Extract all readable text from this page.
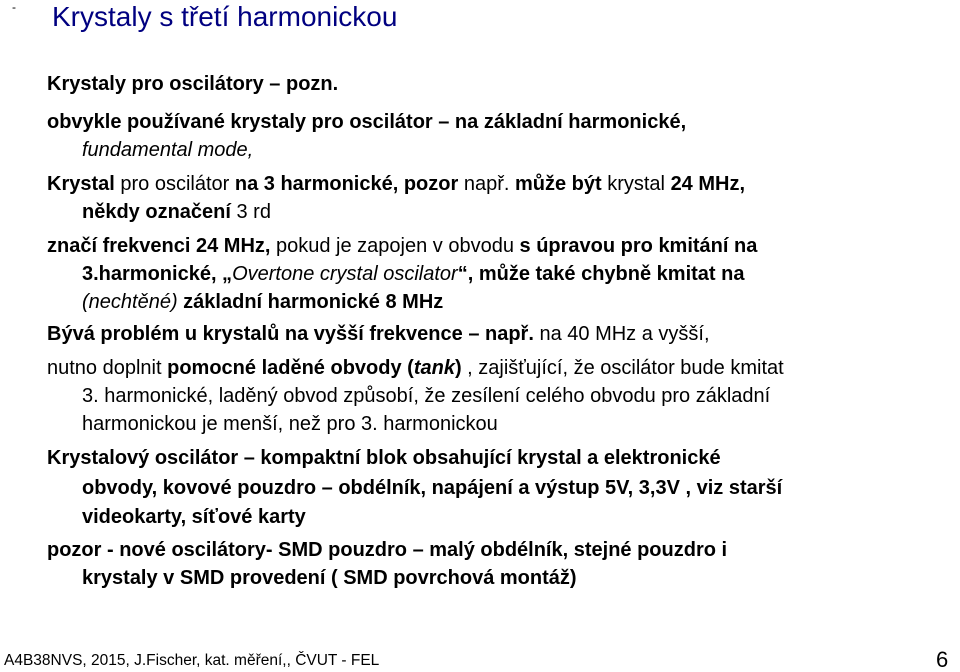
- Krystaly s třetí harmonickou
Krystaly pro oscilátory – pozn.
obvykle používané krystaly pro oscilátor – na základní harmonické,
fundamental mode,
Krystal pro oscilátor na 3 harmonické, pozor např. může být krystal 24 MHz,
někdy označení 3 rd
značí frekvenci 24 MHz, pokud je zapojen v obvodu s úpravou pro kmitání na
3.harmonické, „Overtone crystal oscilator“, může také chybně kmitat na
(nechtěné) základní harmonické 8 MHz
Bývá problém u krystalů na vyšší frekvence – např. na 40 MHz a vyšší,
nutno doplnit pomocné laděné obvody (tank) , zajišťující, že oscilátor bude kmitat
3. harmonické, laděný obvod způsobí, že zesílení celého obvodu pro základní
harmonickou je menší, než pro 3. harmonickou
Krystalový oscilátor – kompaktní blok obsahující krystal a elektronické
obvody, kovové pouzdro – obdélník, napájení a výstup 5V, 3,3V , viz starší
videokarty, síťové karty
pozor - nové oscilátory- SMD pouzdro – malý obdélník, stejné pouzdro i
krystaly v SMD provedení ( SMD povrchová montáž)
A4B38NVS, 2015, J.Fischer, kat. měření,, ČVUT - FEL	6
